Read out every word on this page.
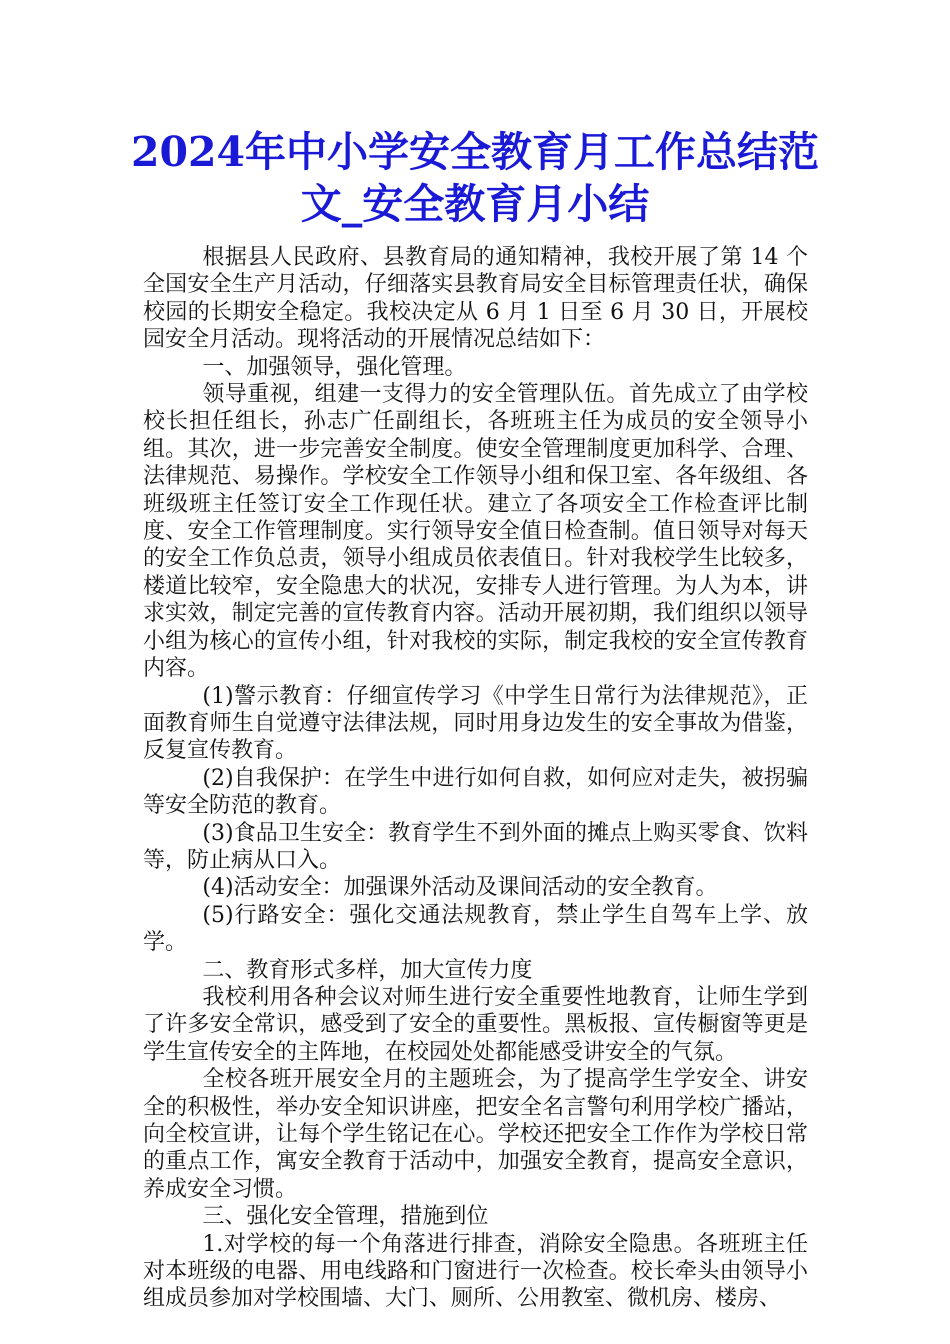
2024年中小学安全教育月工作总结范文_安全教育月小结

根据县人民政府、县教育局的通知精神，我校开展了第 14 个全国安全生产月活动，仔细落实县教育局安全目标管理责任状，确保校园的长期安全稳定。我校决定从 6 月 1 日至 6 月 30 日，开展校园安全月活动。现将活动的开展情况总结如下：

一、加强领导，强化管理。

领导重视，组建一支得力的安全管理队伍。首先成立了由学校校长担任组长，孙志广任副组长，各班班主任为成员的安全领导小组。其次，进一步完善安全制度。使安全管理制度更加科学、合理、法律规范、易操作。学校安全工作领导小组和保卫室、各年级组、各班级班主任签订安全工作现任状。建立了各项安全工作检查评比制度、安全工作管理制度。实行领导安全值日检查制。值日领导对每天的安全工作负总责，领导小组成员依表值日。针对我校学生比较多，楼道比较窄，安全隐患大的状况，安排专人进行管理。为人为本，讲求实效，制定完善的宣传教育内容。活动开展初期，我们组织以领导小组为核心的宣传小组，针对我校的实际，制定我校的安全宣传教育内容。

(1)警示教育：仔细宣传学习《中学生日常行为法律规范》，正面教育师生自觉遵守法律法规，同时用身边发生的安全事故为借鉴，反复宣传教育。

(2)自我保护：在学生中进行如何自救，如何应对走失，被拐骗等安全防范的教育。

(3)食品卫生安全：教育学生不到外面的摊点上购买零食、饮料等，防止病从口入。

(4)活动安全：加强课外活动及课间活动的安全教育。

(5)行路安全：强化交通法规教育，禁止学生自驾车上学、放学。

二、教育形式多样，加大宣传力度

我校利用各种会议对师生进行安全重要性地教育，让师生学到了许多安全常识，感受到了安全的重要性。黑板报、宣传橱窗等更是学生宣传安全的主阵地，在校园处处都能感受讲安全的气氛。

全校各班开展安全月的主题班会，为了提高学生学安全、讲安全的积极性，举办安全知识讲座，把安全名言警句利用学校广播站，向全校宣讲，让每个学生铭记在心。学校还把安全工作作为学校日常的重点工作，寓安全教育于活动中，加强安全教育，提高安全意识，养成安全习惯。

三、强化安全管理，措施到位

1.对学校的每一个角落进行排查，消除安全隐患。各班班主任对本班级的电器、用电线路和门窗进行一次检查。校长牵头由领导小组成员参加对学校围墙、大门、厕所、公用教室、微机房、楼房、
